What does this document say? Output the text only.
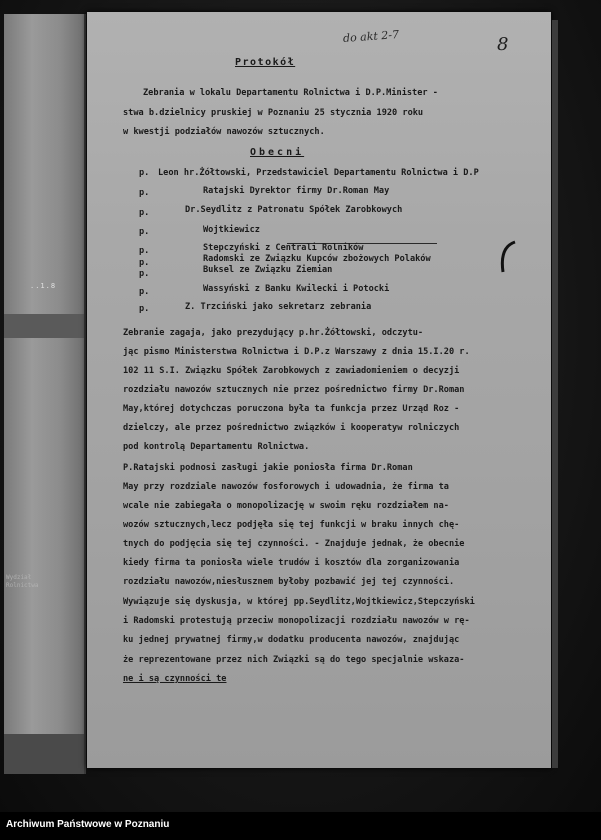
..1.8
Wydział Rolnictwa
do akt 2-7	8
Protokół
Zebrania w lokalu Departamentu Rolnictwa i D.P.Minister -
stwa b.dzielnicy pruskiej w Poznaniu 25 stycznia 1920 roku
w kwestji podziałów nawozów sztucznych.
Obecni
p. Leon hr.Żółtowski, Przedstawiciel Departamentu Rolnictwa i D.P
p.	Ratajski Dyrektor firmy Dr.Roman May
p.	Dr.Seydlitz z Patronatu Spółek Zarobkowych
p.	Wojtkiewicz
p.	Stepczyński z Centrali Rolników
p.	Radomski ze Związku Kupców zbożowych Polaków
p.	Buksel ze Związku Ziemian
p.	Wassyński z Banku Kwilecki i Potocki
p.	Z. Trzciński jako sekretarz zebrania
Zebranie zagaja, jako prezydujący p.hr.Żółtowski, odczytu-
jąc pismo Ministerstwa Rolnictwa i D.P.z Warszawy z dnia 15.I.20 r.
102 11 S.I. Związku Spółek Zarobkowych z zawiadomieniem o decyzji
rozdziału nawozów sztucznych nie przez pośrednictwo firmy Dr.Roman
May,której dotychczas poruczona była ta funkcja przez Urząd Roz -
dzielczy, ale przez pośrednictwo związków i kooperatyw rolniczych
pod kontrolą Departamentu Rolnictwa.
P.Ratajski podnosi zasługi jakie poniosła firma Dr.Roman
May przy rozdziale nawozów fosforowych i udowadnia, że firma ta
wcale nie zabiegała o monopolizację w swoim ręku rozdziałem na-
wozów sztucznych,lecz podjęła się tej funkcji w braku innych chę-
tnych do podjęcia się tej czynności. - Znajduje jednak, że obecnie
kiedy firma ta poniosła wiele trudów i kosztów dla zorganizowania
rozdziału nawozów,niesłusznem byłoby pozbawić jej tej czynności.
Wywiązuje się dyskusja, w której pp.Seydlitz,Wojtkiewicz,Stepczyński
i Radomski protestują przeciw monopolizacji rozdziału nawozów w rę-
ku jednej prywatnej firmy,w dodatku producenta nawozów, znajdując
że reprezentowane przez nich Związki są do tego specjalnie wskaza-
ne i są czynności te
Archiwum Państwowe w Poznaniu
